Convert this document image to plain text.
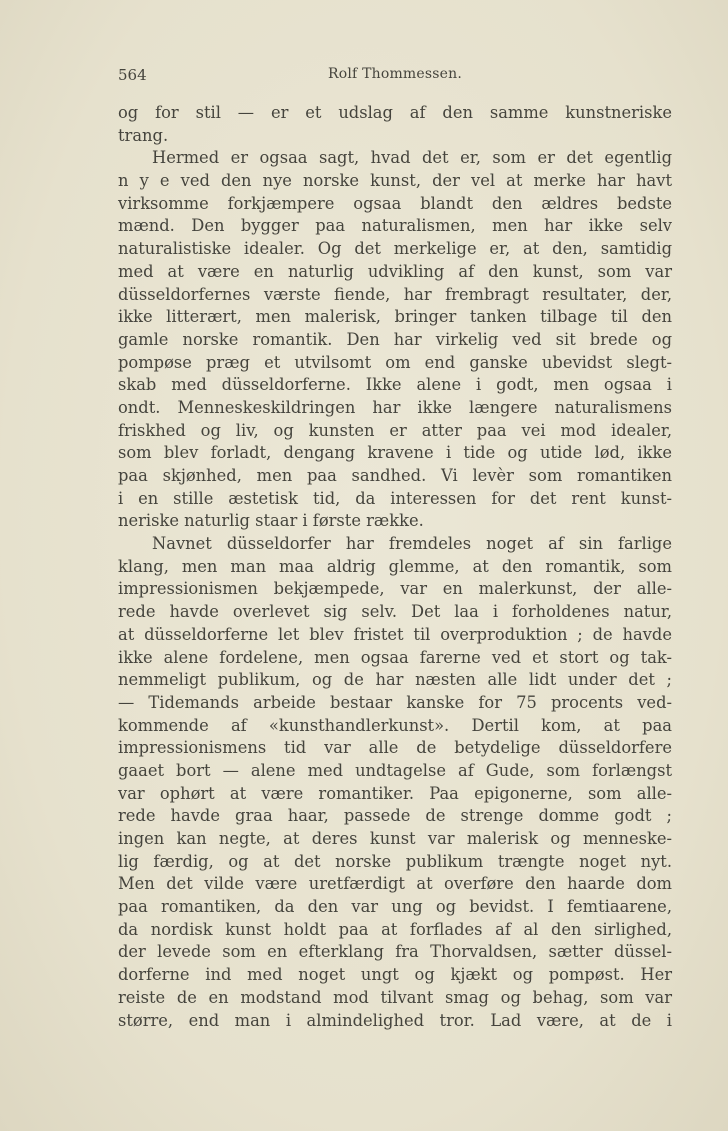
564	Rolf Thommessen.
og for stil — er et udslag af den samme kunstneriske
trang.
Hermed er ogsaa sagt, hvad det er, som er det egentlig
n y e ved den nye norske kunst, der vel at merke har havt
virksomme forkjæmpere ogsaa blandt den ældres bedste
mænd. Den bygger paa naturalismen, men har ikke selv
naturalistiske idealer. Og det merkelige er, at den, samtidig
med at være en naturlig udvikling af den kunst, som var
düsseldorfernes værste fiende, har frembragt resultater, der,
ikke litterært, men malerisk, bringer tanken tilbage til den
gamle norske romantik. Den har virkelig ved sit brede og
pompøse præg et utvilsomt om end ganske ubevidst slegt-
skab med düsseldorferne. Ikke alene i godt, men ogsaa i
ondt. Menneskeskildringen har ikke længere naturalismens
friskhed og liv, og kunsten er atter paa vei mod idealer,
som blev forladt, dengang kravene i tide og utide lød, ikke
paa skjønhed, men paa sandhed. Vi levèr som romantiken
i en stille æstetisk tid, da interessen for det rent kunst-
neriske naturlig staar i første række.
Navnet düsseldorfer har fremdeles noget af sin farlige
klang, men man maa aldrig glemme, at den romantik, som
impressionismen bekjæmpede, var en malerkunst, der alle-
rede havde overlevet sig selv. Det laa i forholdenes natur,
at düsseldorferne let blev fristet til overproduktion ; de havde
ikke alene fordelene, men ogsaa farerne ved et stort og tak-
nemmeligt publikum, og de har næsten alle lidt under det ;
— Tidemands arbeide bestaar kanske for 75 procents ved-
kommende af «kunsthandlerkunst». Dertil kom, at paa
impressionismens tid var alle de betydelige düsseldorfere
gaaet bort — alene med undtagelse af Gude, som forlængst
var ophørt at være romantiker. Paa epigonerne, som alle-
rede havde graa haar, passede de strenge domme godt ;
ingen kan negte, at deres kunst var malerisk og menneske-
lig færdig, og at det norske publikum trængte noget nyt.
Men det vilde være uretfærdigt at overføre den haarde dom
paa romantiken, da den var ung og bevidst. I femtiaarene,
da nordisk kunst holdt paa at forflades af al den sirlighed,
der levede som en efterklang fra Thorvaldsen, sætter düssel-
dorferne ind med noget ungt og kjækt og pompøst. Her
reiste de en modstand mod tilvant smag og behag, som var
større, end man i almindelighed tror. Lad være, at de i
